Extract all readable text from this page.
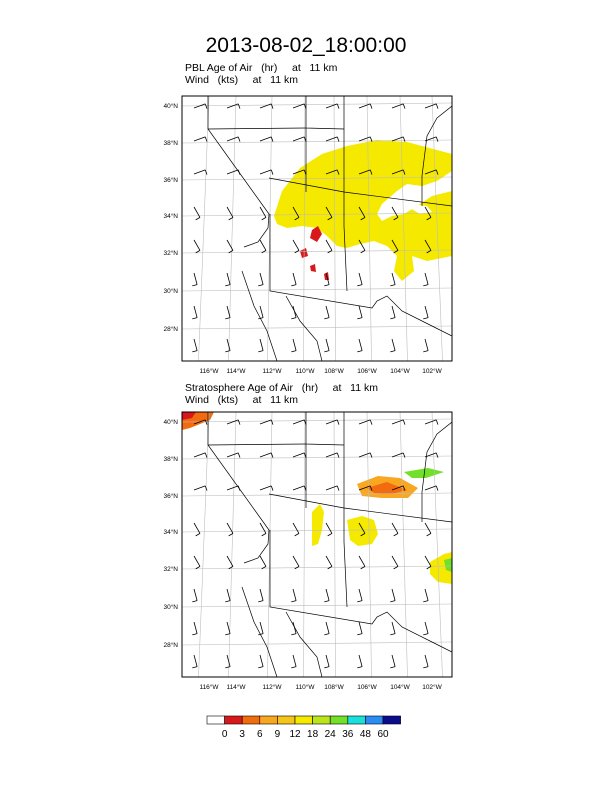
2013-08-02_18:00:00
PBL Age of Air   (hr)     at   11 km
Wind   (kts)     at   11 km
Stratosphere Age of Air   (hr)     at   11 km
Wind   (kts)     at   11 km
40°N
38°N
36°N
34°N
32°N
30°N
28°N
116°W 114°W	112°W 110°W 108°W 106°W 104°W 102°W
40°N
38°N
36°N
34°N
32°N
30°N
28°N
116°W 114°W	112°W 110°W 108°W 106°W 104°W 102°W
0 3 6 9 12 18 24 36 48 60
